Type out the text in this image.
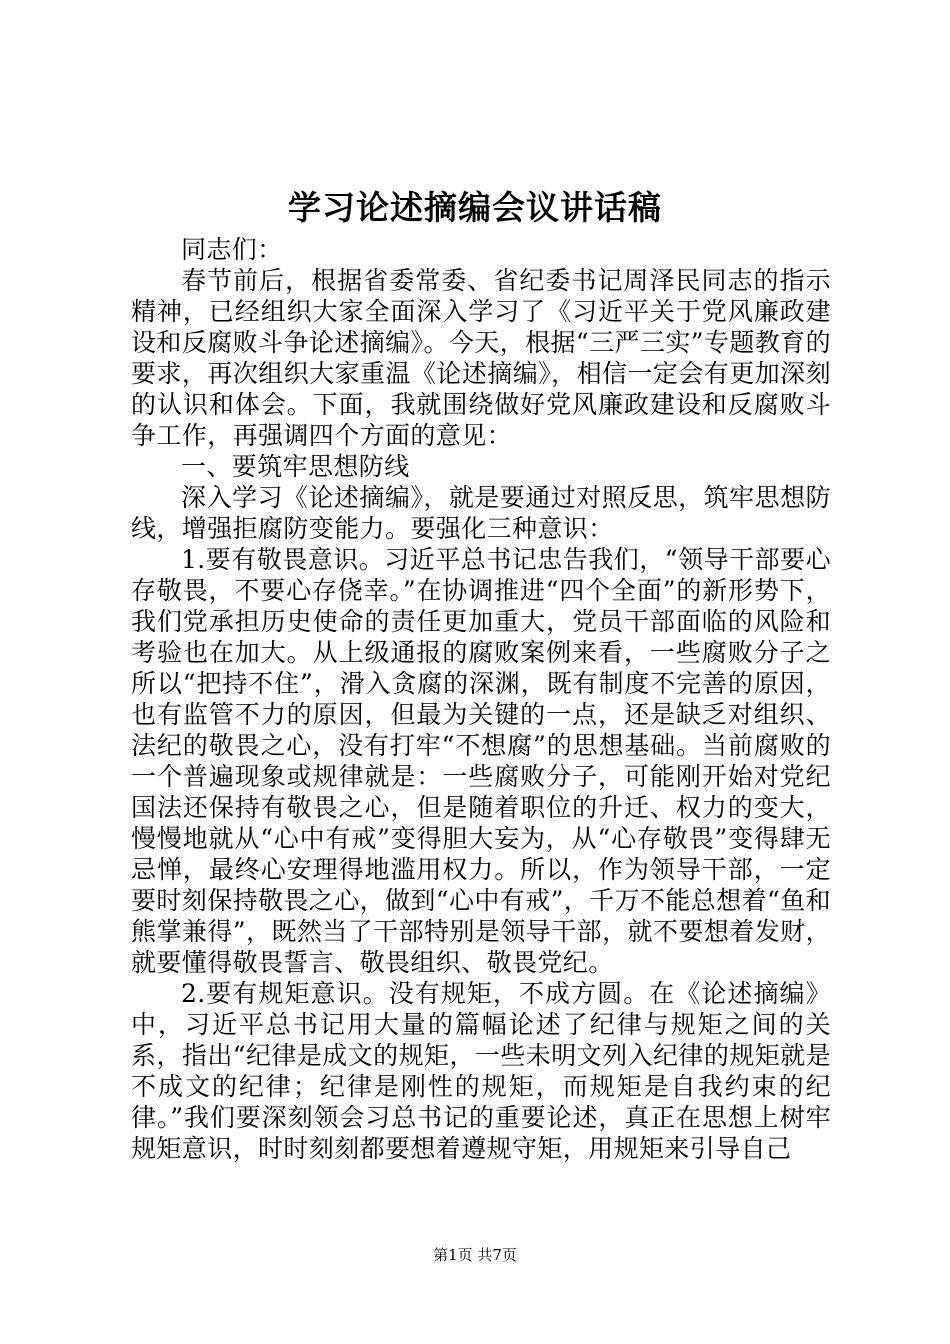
学习论述摘编会议讲话稿

同志们：

春节前后，根据省委常委、省纪委书记周泽民同志的指示精神，已经组织大家全面深入学习了《习近平关于党风廉政建设和反腐败斗争论述摘编》。今天，根据“三严三实”专题教育的要求，再次组织大家重温《论述摘编》，相信一定会有更加深刻的认识和体会。下面，我就围绕做好党风廉政建设和反腐败斗争工作，再强调四个方面的意见：

一、要筑牢思想防线

深入学习《论述摘编》，就是要通过对照反思，筑牢思想防线，增强拒腐防变能力。要强化三种意识：

1.要有敬畏意识。习近平总书记忠告我们，“领导干部要心存敬畏，不要心存侥幸。”在协调推进“四个全面”的新形势下，我们党承担历史使命的责任更加重大，党员干部面临的风险和考验也在加大。从上级通报的腐败案例来看，一些腐败分子之所以“把持不住”，滑入贪腐的深渊，既有制度不完善的原因，也有监管不力的原因，但最为关键的一点，还是缺乏对组织、法纪的敬畏之心，没有打牢“不想腐”的思想基础。当前腐败的一个普遍现象或规律就是：一些腐败分子，可能刚开始对党纪国法还保持有敬畏之心，但是随着职位的升迁、权力的变大，慢慢地就从“心中有戒”变得胆大妄为，从“心存敬畏”变得肆无忌惮，最终心安理得地滥用权力。所以，作为领导干部，一定要时刻保持敬畏之心，做到“心中有戒”，千万不能总想着“鱼和熊掌兼得”，既然当了干部特别是领导干部，就不要想着发财，就要懂得敬畏誓言、敬畏组织、敬畏党纪。

2.要有规矩意识。没有规矩，不成方圆。在《论述摘编》中，习近平总书记用大量的篇幅论述了纪律与规矩之间的关系，指出“纪律是成文的规矩，一些未明文列入纪律的规矩就是不成文的纪律；纪律是刚性的规矩，而规矩是自我约束的纪律。”我们要深刻领会习总书记的重要论述，真正在思想上树牢规矩意识，时时刻刻都要想着遵规守矩，用规矩来引导自己

第1页 共7页
